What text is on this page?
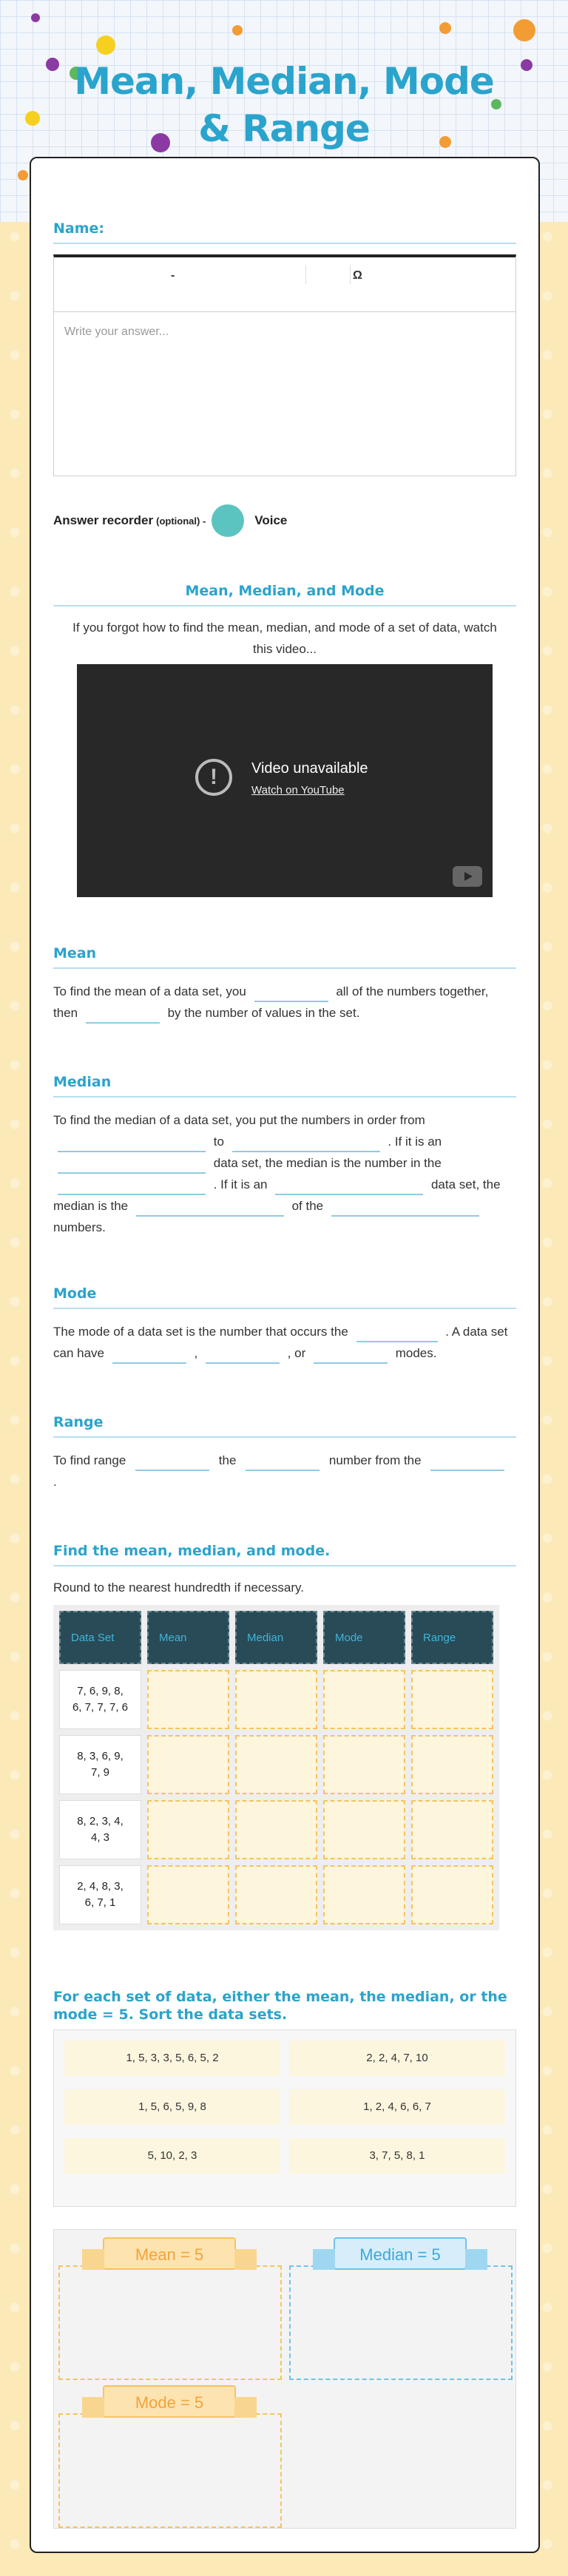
Mean, Median, Mode & Range
Name:
-	Ω
Write your answer...
Answer recorder (optional) -	Voice
Mean, Median, and Mode
If you forgot how to find the mean, median, and mode of a set of data, watch this video...
!	Video unavailable
Watch on YouTube
Mean
To find the mean of a data set, you	all of the numbers together, then	by the number of values in the set.
Median
To find the median of a data set, you put the numbers in order from  to	. If it is an  data set, the median is the number in the  . If it is an	data set, the median is the	of the  numbers.
Mode
The mode of a data set is the number that occurs the	. A data set can have	,	, or	modes.
Range
To find range	the	number from the  .
Find the mean, median, and mode.
Round to the nearest hundredth if necessary.
Data Set	Mean	Median	Mode	Range

7, 6, 9, 8,
6, 7, 7, 7, 6				

8, 3, 6, 9,
7, 9				

8, 2, 3, 4,
4, 3				

2, 4, 8, 3,
6, 7, 1				

For each set of data, either the mean, the median, or the mode = 5. Sort the data sets.
1, 5, 3, 3, 5, 6, 5, 2	2, 2, 4, 7, 10
1, 5, 6, 5, 9, 8	1, 2, 4, 6, 6, 7
5, 10, 2, 3	3, 7, 5, 8, 1
Mean = 5	Median = 5
Mode = 5
